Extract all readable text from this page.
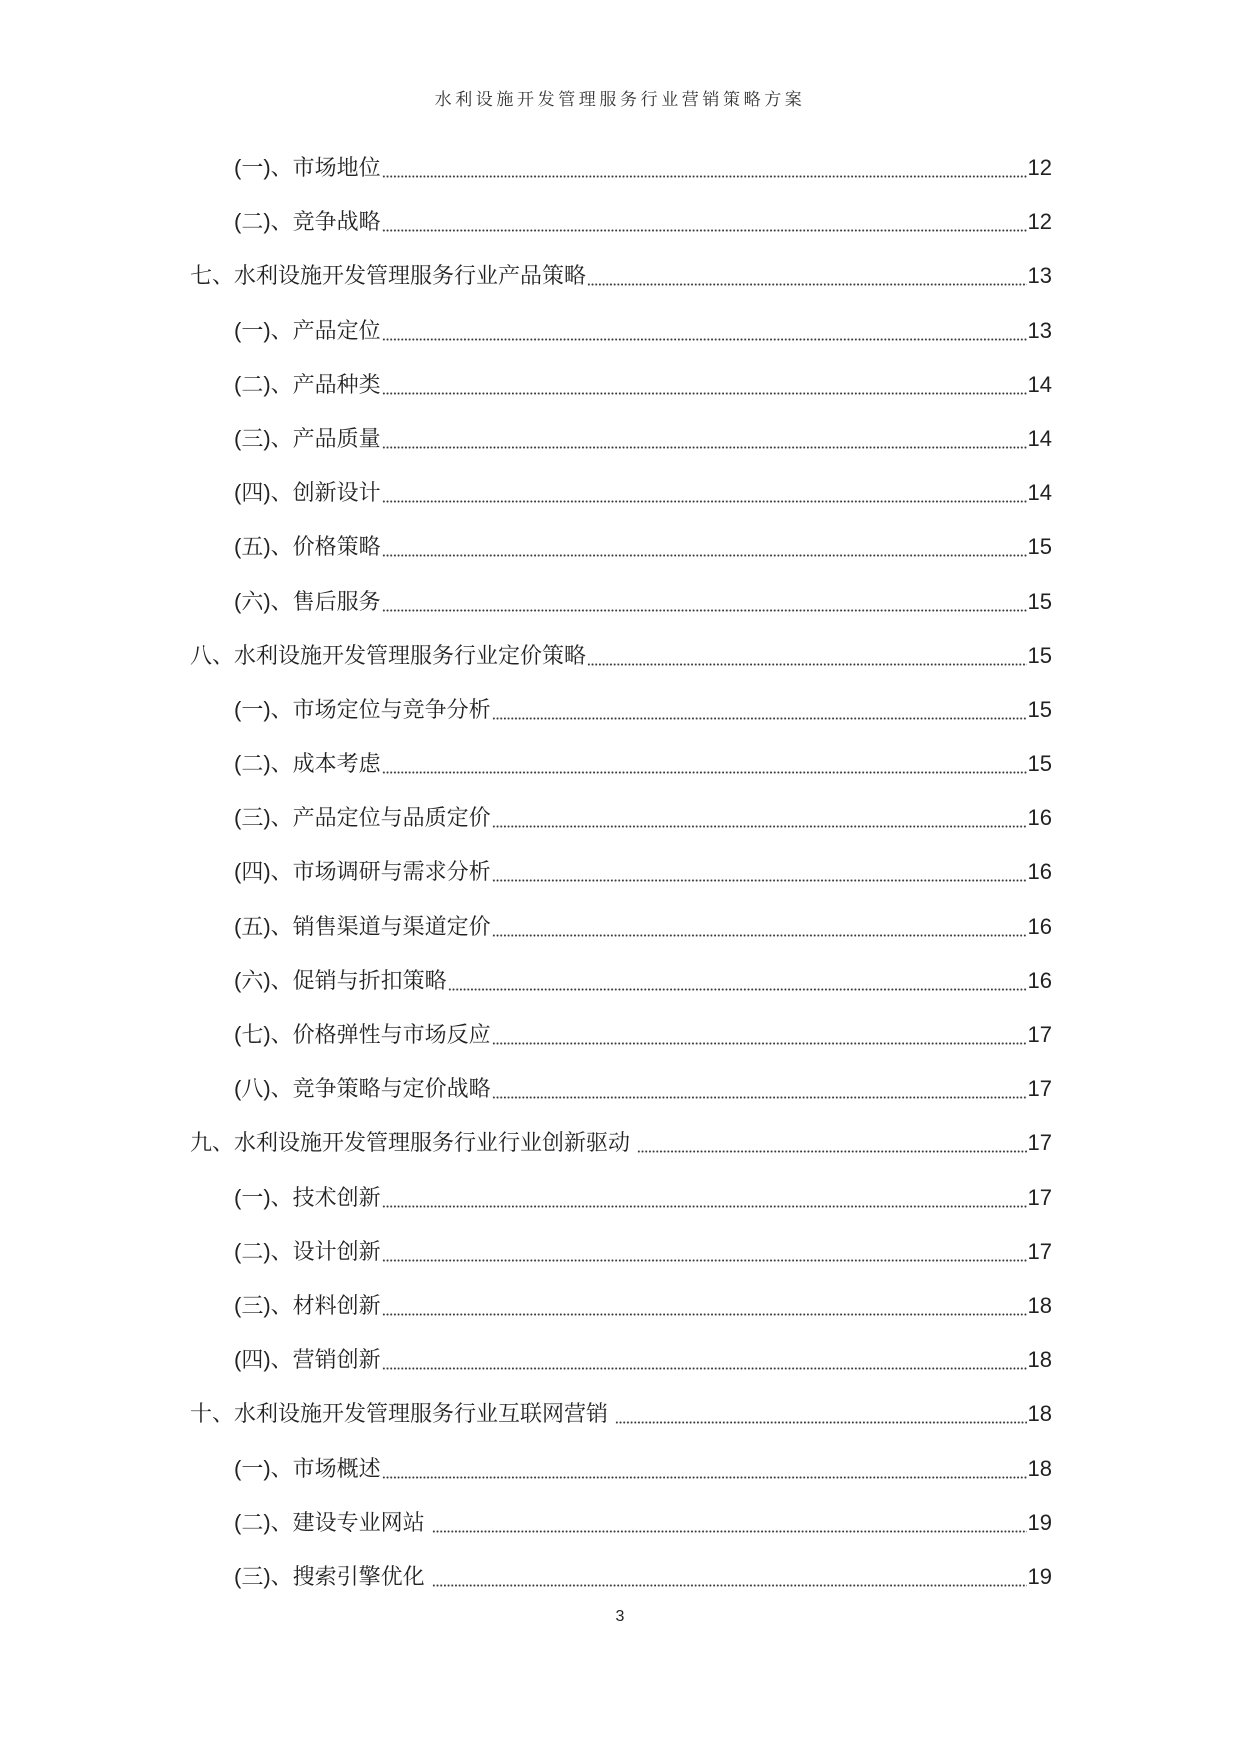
水利设施开发管理服务行业营销策略方案
(一)、市场地位	12
(二)、竞争战略	12
七、水利设施开发管理服务行业产品策略	13
(一)、产品定位	13
(二)、产品种类	14
(三)、产品质量	14
(四)、创新设计	14
(五)、价格策略	15
(六)、售后服务	15
八、水利设施开发管理服务行业定价策略	15
(一)、市场定位与竞争分析	15
(二)、成本考虑	15
(三)、产品定位与品质定价	16
(四)、市场调研与需求分析	16
(五)、销售渠道与渠道定价	16
(六)、促销与折扣策略	16
(七)、价格弹性与市场反应	17
(八)、竞争策略与定价战略	17
九、水利设施开发管理服务行业行业创新驱动	17
(一)、技术创新	17
(二)、设计创新	17
(三)、材料创新	18
(四)、营销创新	18
十、水利设施开发管理服务行业互联网营销	18
(一)、市场概述	18
(二)、建设专业网站	19
(三)、搜索引擎优化	19
3
